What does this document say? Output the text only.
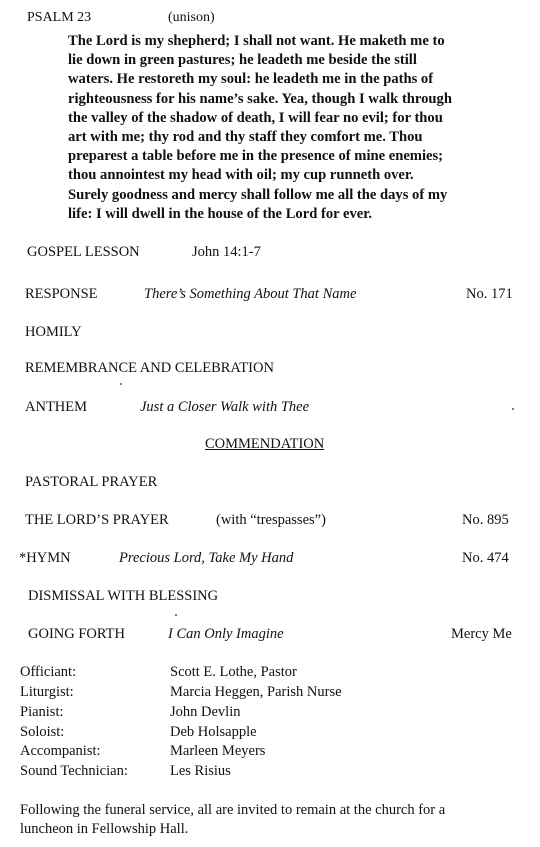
PSALM 23	(unison)
The Lord is my shepherd; I shall not want. He maketh me to
lie down in green pastures; he leadeth me beside the still
waters. He restoreth my soul: he leadeth me in the paths of
righteousness for his name’s sake. Yea, though I walk through
the valley of the shadow of death, I will fear no evil; for thou
art with me; thy rod and thy staff they comfort me. Thou
preparest a table before me in the presence of mine enemies;
thou annointest my head with oil; my cup runneth over.
Surely goodness and mercy shall follow me all the days of my
life: I will dwell in the house of the Lord for ever.
GOSPEL LESSON	John 14:1-7
RESPONSE	There’s Something About That Name	No. 171
HOMILY
REMEMBRANCE AND CELEBRATION
ANTHEM	Just a Closer Walk with Thee
COMMENDATION
PASTORAL PRAYER
THE LORD’S PRAYER	(with “trespasses”)	No. 895
*HYMN	Precious Lord, Take My Hand	No. 474
DISMISSAL WITH BLESSING
GOING FORTH	I Can Only Imagine	Mercy Me
Officiant:	Scott E. Lothe, Pastor
Liturgist:	Marcia Heggen, Parish Nurse
Pianist:	John Devlin
Soloist:	Deb Holsapple
Accompanist:	Marleen Meyers
Sound Technician:	Les Risius
Following the funeral service, all are invited to remain at the church for a
luncheon in Fellowship Hall.
